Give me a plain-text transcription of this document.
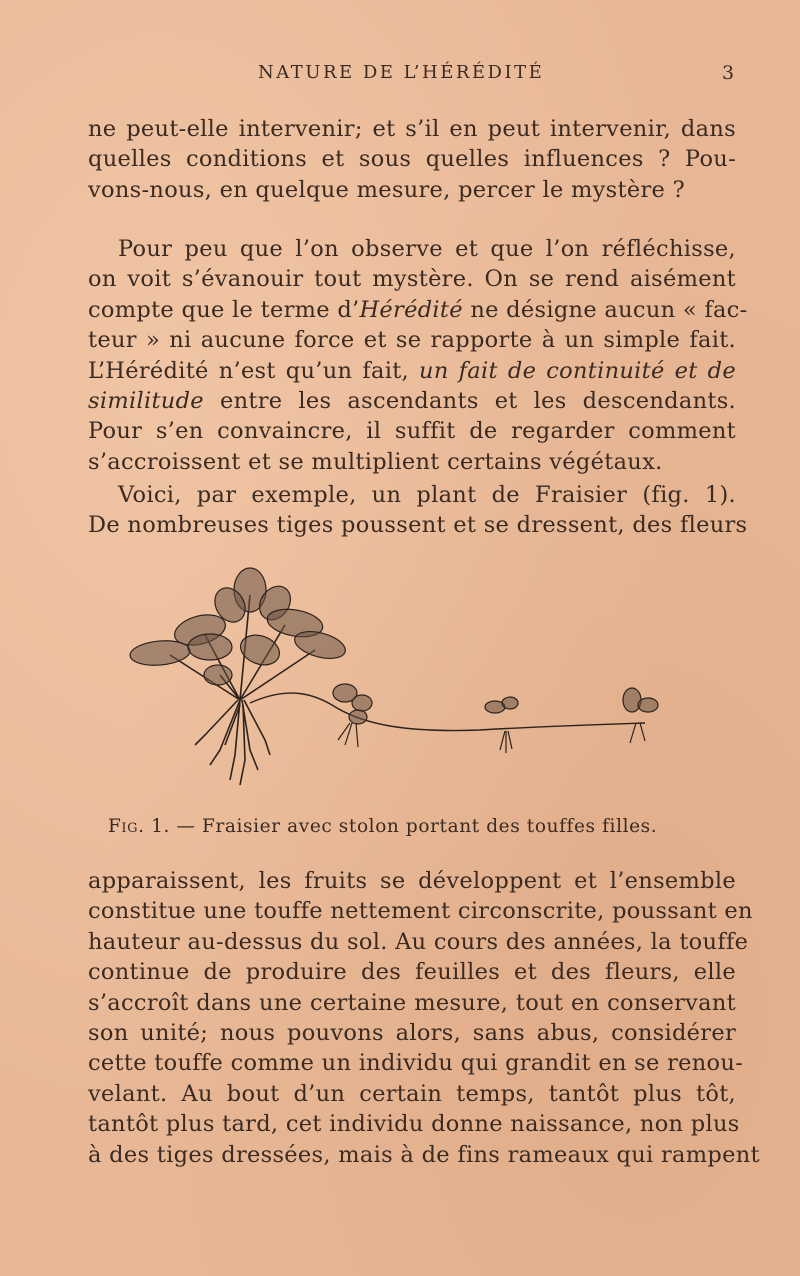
NATURE DE L’HÉRÉDITÉ	3
ne peut-elle intervenir; et s’il en peut intervenir, dans
quelles conditions et sous quelles influences ? Pou-
vons-nous, en quelque mesure, percer le mystère ?
Pour peu que l’on observe et que l’on réfléchisse,
on voit s’évanouir tout mystère. On se rend aisément
compte que le terme d’Hérédité ne désigne aucun « fac-
teur » ni aucune force et se rapporte à un simple fait.
L’Hérédité n’est qu’un fait, un fait de continuité et de
similitude entre les ascendants et les descendants.
Pour s’en convaincre, il suffit de regarder comment
s’accroissent et se multiplient certains végétaux.
Voici, par exemple, un plant de Fraisier (fig. 1).
De nombreuses tiges poussent et se dressent, des fleurs
Fig. 1. — Fraisier avec stolon portant des touffes filles.
apparaissent, les fruits se développent et l’ensemble
constitue une touffe nettement circonscrite, poussant en
hauteur au-dessus du sol. Au cours des années, la touffe
continue de produire des feuilles et des fleurs, elle
s’accroît dans une certaine mesure, tout en conservant
son unité; nous pouvons alors, sans abus, considérer
cette touffe comme un individu qui grandit en se renou-
velant. Au bout d’un certain temps, tantôt plus tôt,
tantôt plus tard, cet individu donne naissance, non plus
à des tiges dressées, mais à de fins rameaux qui rampent
